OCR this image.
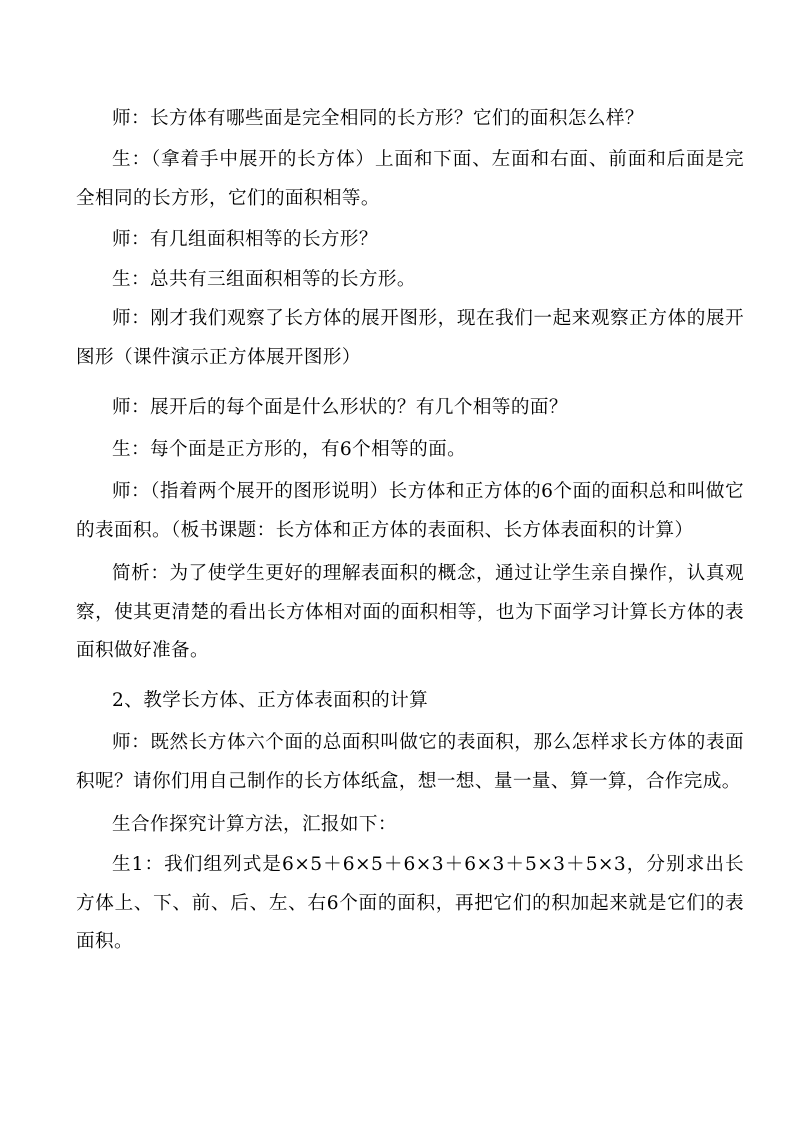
师：长方体有哪些面是完全相同的长方形？它们的面积怎么样？

生：（拿着手中展开的长方体）上面和下面、左面和右面、前面和后面是完全相同的长方形，它们的面积相等。

师：有几组面积相等的长方形？

生：总共有三组面积相等的长方形。

师：刚才我们观察了长方体的展开图形，现在我们一起来观察正方体的展开图形（课件演示正方体展开图形）

师：展开后的每个面是什么形状的？有几个相等的面？

生：每个面是正方形的，有6个相等的面。

师：（指着两个展开的图形说明）长方体和正方体的6个面的面积总和叫做它的表面积。（板书课题：长方体和正方体的表面积、长方体表面积的计算）

简析：为了使学生更好的理解表面积的概念，通过让学生亲自操作，认真观察，使其更清楚的看出长方体相对面的面积相等，也为下面学习计算长方体的表面积做好准备。

2、教学长方体、正方体表面积的计算

师：既然长方体六个面的总面积叫做它的表面积，那么怎样求长方体的表面积呢？请你们用自己制作的长方体纸盒，想一想、量一量、算一算，合作完成。

生合作探究计算方法，汇报如下：

生1：我们组列式是6×5＋6×5＋6×3＋6×3＋5×3＋5×3，分别求出长方体上、下、前、后、左、右6个面的面积，再把它们的积加起来就是它们的表面积。
